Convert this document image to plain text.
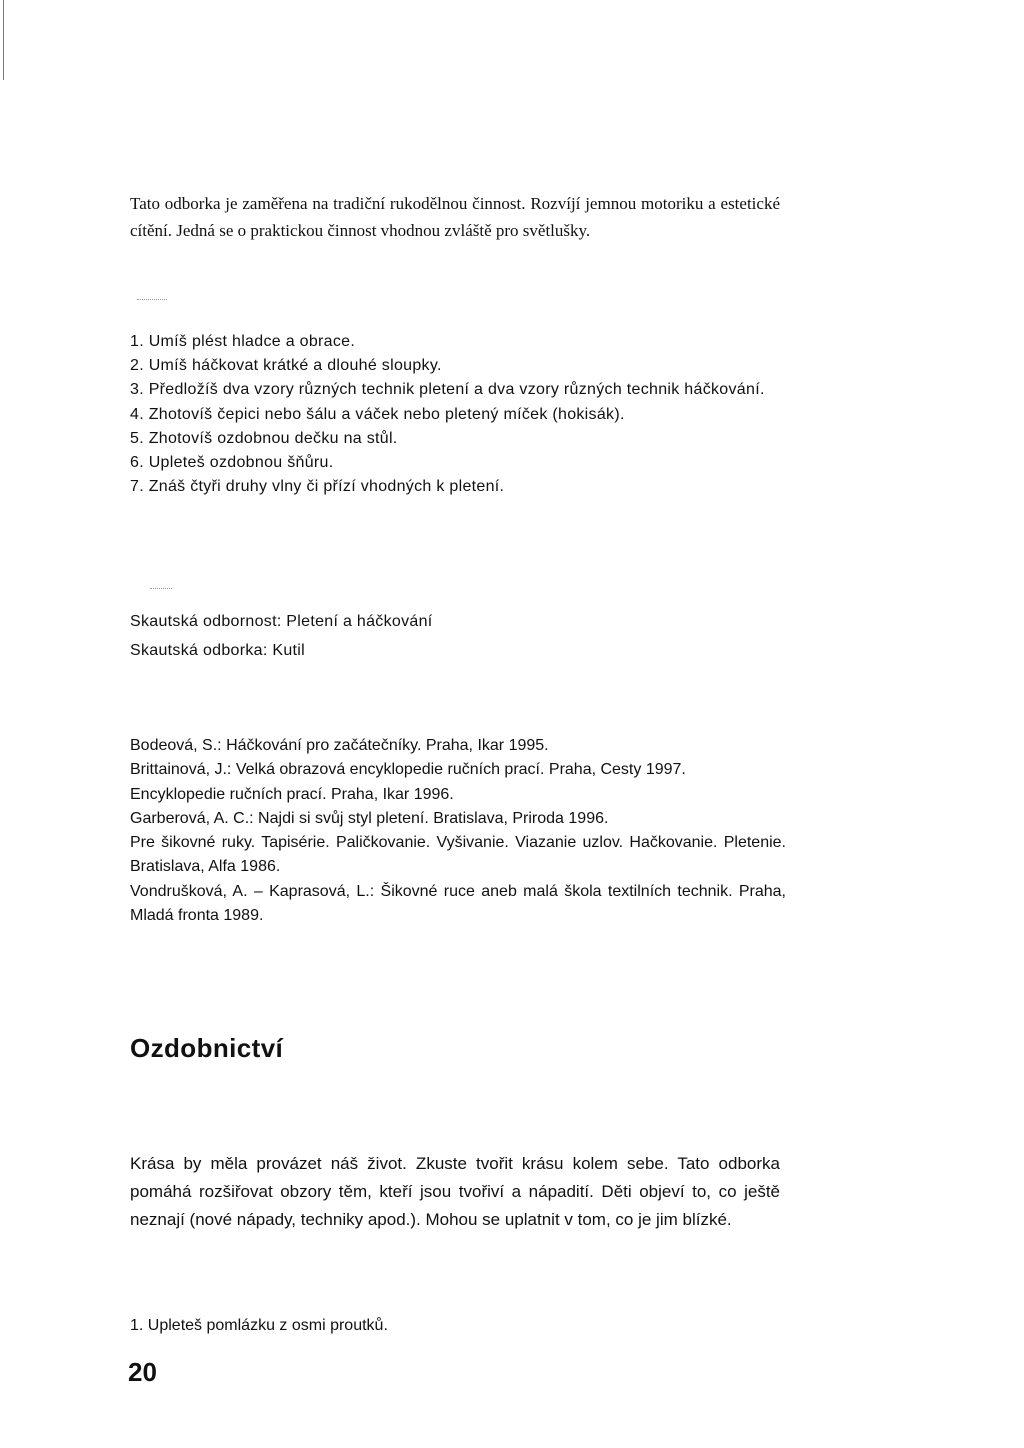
Tato odborka je zaměřena na tradiční rukodělnou činnost. Rozvíjí jemnou motoriku a estetické cítění. Jedná se o praktickou činnost vhodnou zvláště pro světlušky.
1. Umíš plést hladce a obrace.
2. Umíš háčkovat krátké a dlouhé sloupky.
3. Předložíš dva vzory různých technik pletení a dva vzory různých technik háčkování.
4. Zhotovíš čepici nebo šálu a váček nebo pletený míček (hokisák).
5. Zhotovíš ozdobnou dečku na stůl.
6. Upleteš ozdobnou šňůru.
7. Znáš čtyři druhy vlny či přízí vhodných k pletení.
Skautská odbornost: Pletení a háčkování
Skautská odborka: Kutil
Bodeová, S.: Háčkování pro začátečníky. Praha, Ikar 1995.
Brittainová, J.: Velká obrazová encyklopedie ručních prací. Praha, Cesty 1997.
Encyklopedie ručních prací. Praha, Ikar 1996.
Garberová, A. C.: Najdi si svůj styl pletení. Bratislava, Priroda 1996.
Pre šikovné ruky. Tapisérie. Paličkovanie. Vyšivanie. Viazanie uzlov. Hačkovanie. Pletenie. Bratislava, Alfa 1986.
Vondrušková, A. – Kaprasová, L.: Šikovné ruce aneb malá škola textilních technik. Praha, Mladá fronta 1989.
Ozdobnictví
Krása by měla provázet náš život. Zkuste tvořit krásu kolem sebe. Tato odborka pomáhá rozšiřovat obzory těm, kteří jsou tvořiví a nápadití. Děti objeví to, co ještě neznají (nové nápady, techniky apod.). Mohou se uplatnit v tom, co je jim blízké.
1. Upleteš pomlázku z osmi proutků.
20
